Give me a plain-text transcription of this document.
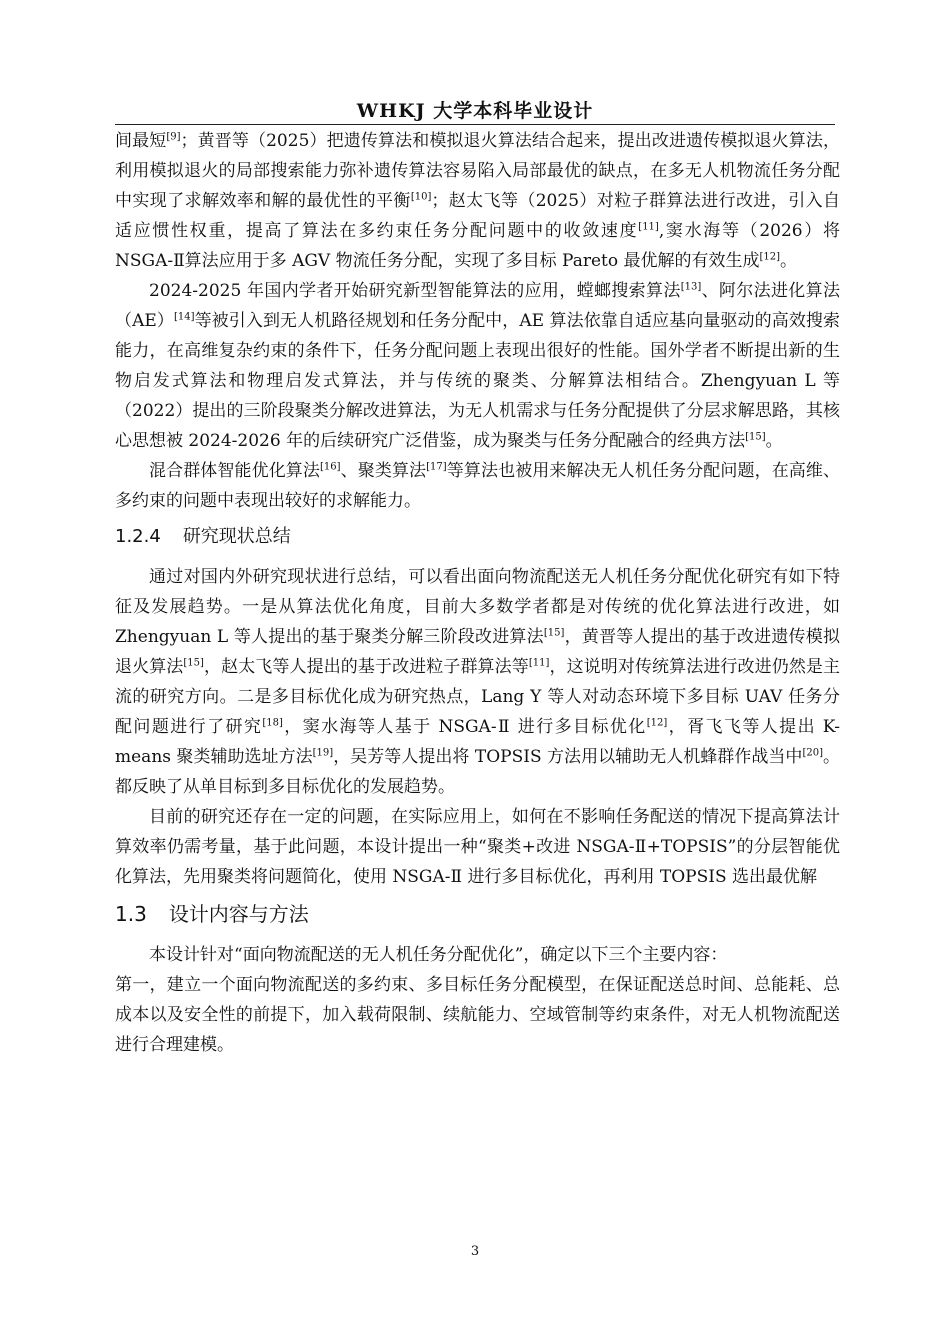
WHKJ 大学本科毕业设计

间最短[9]；黄晋等（2025）把遗传算法和模拟退火算法结合起来，提出改进遗传模拟退火算法，利用模拟退火的局部搜索能力弥补遗传算法容易陷入局部最优的缺点，在多无人机物流任务分配中实现了求解效率和解的最优性的平衡[10]；赵太飞等（2025）对粒子群算法进行改进，引入自适应惯性权重，提高了算法在多约束任务分配问题中的收敛速度[11],窦水海等（2026）将 NSGA-Ⅱ算法应用于多 AGV 物流任务分配，实现了多目标 Pareto 最优解的有效生成[12]。

2024-2025 年国内学者开始研究新型智能算法的应用，螳螂搜索算法[13]、阿尔法进化算法（AE）[14]等被引入到无人机路径规划和任务分配中，AE 算法依靠自适应基向量驱动的高效搜索能力，在高维复杂约束的条件下，任务分配问题上表现出很好的性能。国外学者不断提出新的生物启发式算法和物理启发式算法，并与传统的聚类、分解算法相结合。Zhengyuan L 等（2022）提出的三阶段聚类分解改进算法，为无人机需求与任务分配提供了分层求解思路，其核心思想被 2024-2026 年的后续研究广泛借鉴，成为聚类与任务分配融合的经典方法[15]。

混合群体智能优化算法[16]、聚类算法[17]等算法也被用来解决无人机任务分配问题，在高维、多约束的问题中表现出较好的求解能力。

1.2.4 研究现状总结

通过对国内外研究现状进行总结，可以看出面向物流配送无人机任务分配优化研究有如下特征及发展趋势。一是从算法优化角度，目前大多数学者都是对传统的优化算法进行改进，如 Zhengyuan L 等人提出的基于聚类分解三阶段改进算法[15]，黄晋等人提出的基于改进遗传模拟退火算法[15]，赵太飞等人提出的基于改进粒子群算法等[11]，这说明对传统算法进行改进仍然是主流的研究方向。二是多目标优化成为研究热点，Lang Y 等人对动态环境下多目标 UAV 任务分配问题进行了研究[18]，窦水海等人基于 NSGA-Ⅱ 进行多目标优化[12]，胥飞飞等人提出 K-means 聚类辅助选址方法[19]，吴芳等人提出将 TOPSIS 方法用以辅助无人机蜂群作战当中[20]。都反映了从单目标到多目标优化的发展趋势。

目前的研究还存在一定的问题，在实际应用上，如何在不影响任务配送的情况下提高算法计算效率仍需考量，基于此问题，本设计提出一种“聚类+改进 NSGA-Ⅱ+TOPSIS”的分层智能优化算法，先用聚类将问题简化，使用 NSGA-Ⅱ 进行多目标优化，再利用 TOPSIS 选出最优解

1.3 设计内容与方法

本设计针对“面向物流配送的无人机任务分配优化”，确定以下三个主要内容：

第一，建立一个面向物流配送的多约束、多目标任务分配模型，在保证配送总时间、总能耗、总成本以及安全性的前提下，加入载荷限制、续航能力、空域管制等约束条件，对无人机物流配送进行合理建模。

3
